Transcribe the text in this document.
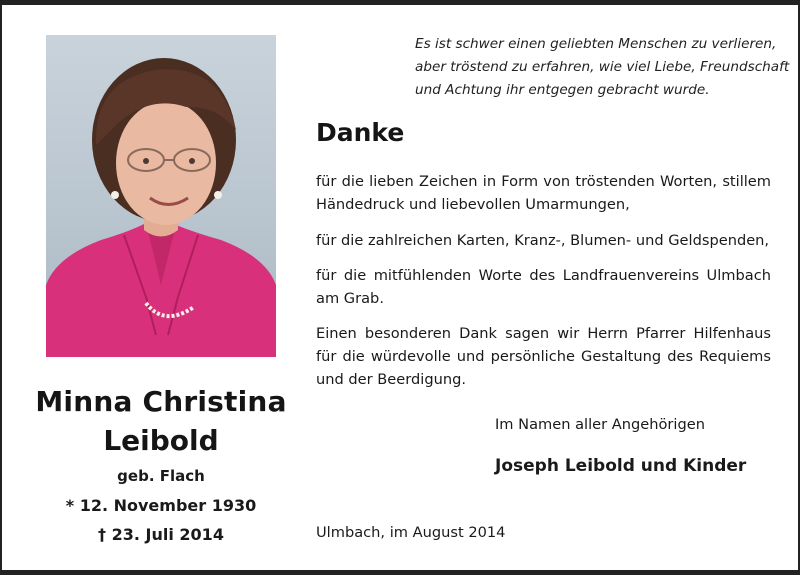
Minna Christina
Leibold
geb. Flach
* 12. November 1930
† 23. Juli 2014
Es ist schwer einen geliebten Menschen zu verlieren,
aber tröstend zu erfahren, wie viel Liebe, Freundschaft
und Achtung ihr entgegen gebracht wurde.
Danke
für die lieben Zeichen in Form von tröstenden Worten, stillem Händedruck und liebevollen Umarmungen,
für die zahlreichen Karten, Kranz-, Blumen- und Geldspenden,
für die mitfühlenden Worte des Landfrauenvereins Ulmbach am Grab.
Einen besonderen Dank sagen wir Herrn Pfarrer Hilfenhaus für die würdevolle und persönliche Gestaltung des Requiems und der Beerdigung.
Im Namen aller Angehörigen
Joseph Leibold und Kinder
Ulmbach, im August 2014
